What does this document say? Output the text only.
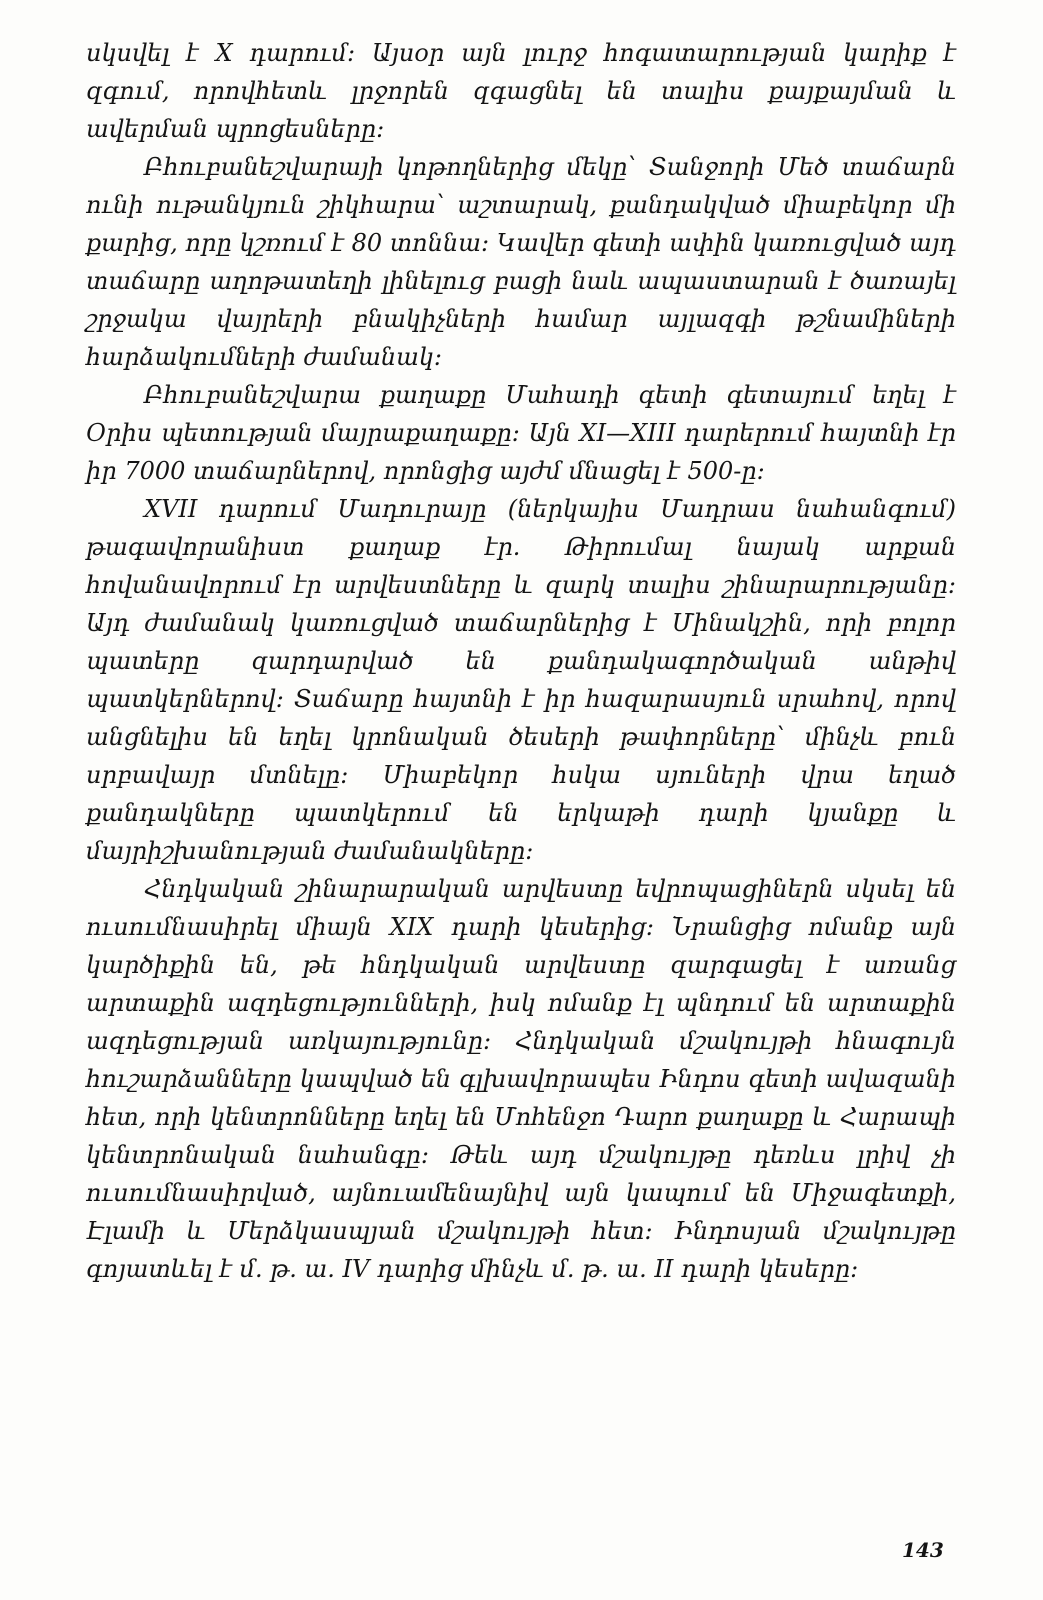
սկսվել է X դարում։ Այսօր այն լուրջ հոգատարության կարիք է զգում, որովհետև լրջորեն զգացնել են տալիս քայքայման և ավերման պրոցեսները։

Բհուբանեշվարայի կոթողներից մեկը՝ Տանջորի Մեծ տաճարն ունի ութանկյուն շիկհարա՝ աշտարակ, քանդակված միաբեկոր մի քարից, որը կշռում է 80 տոննա։ Կավեր գետի ափին կառուցված այդ տաճարը աղոթատեղի լինելուց բացի նաև ապաստարան է ծառայել շրջակա վայրերի բնակիչների համար այլազգի թշնամիների հարձակումների ժամանակ։

Բհուբանեշվարա քաղաքը Մահադի գետի գետայում եղել է Օրիս պետության մայրաքաղաքը։ Այն XI—XIII դարերում հայտնի էր իր 7000 տաճարներով, որոնցից այժմ մնացել է 500-ը։

XVII դարում Մադուրայը (ներկայիս Մադրաս նահանգում) թագավորանիստ քաղաք էր. Թիրումալ նայակ արքան հովանավորում էր արվեստները և զարկ տալիս շինարարությանը։ Այդ ժամանակ կառուցված տաճարներից է Մինակշին, որի բոլոր պատերը զարդարված են քանդակագործական անթիվ պատկերներով։ Տաճարը հայտնի է իր հազարասյուն սրահով, որով անցնելիս են եղել կրոնական ծեսերի թափորները՝ մինչև բուն սրբավայր մտնելը։ Միաբեկոր հսկա սյուների վրա եղած քանդակները պատկերում են երկաթի դարի կյանքը և մայրիշխանության ժամանակները։

Հնդկական շինարարական արվեստը եվրոպացիներն սկսել են ուսումնասիրել միայն XIX դարի կեսերից։ Նրանցից ոմանք այն կարծիքին են, թե հնդկական արվեստը զարգացել է առանց արտաքին ազդեցությունների, իսկ ոմանք էլ պնդում են արտաքին ազդեցության առկայությունը։ Հնդկական մշակույթի հնագույն հուշարձանները կապված են գլխավորապես Ինդոս գետի ավազանի հետ, որի կենտրոնները եղել են Մոհենջո Դարո քաղաքը և Հարապի կենտրոնական նահանգը։ Թեև այդ մշակույթը դեռևս լրիվ չի ուսումնասիրված, այնուամենայնիվ այն կապում են Միջագետքի, Էլամի և Մերձկասպյան մշակույթի հետ։ Ինդոսյան մշակույթը գոյատևել է մ. թ. ա. IV դարից մինչև մ. թ. ա. II դարի կեսերը։

143
